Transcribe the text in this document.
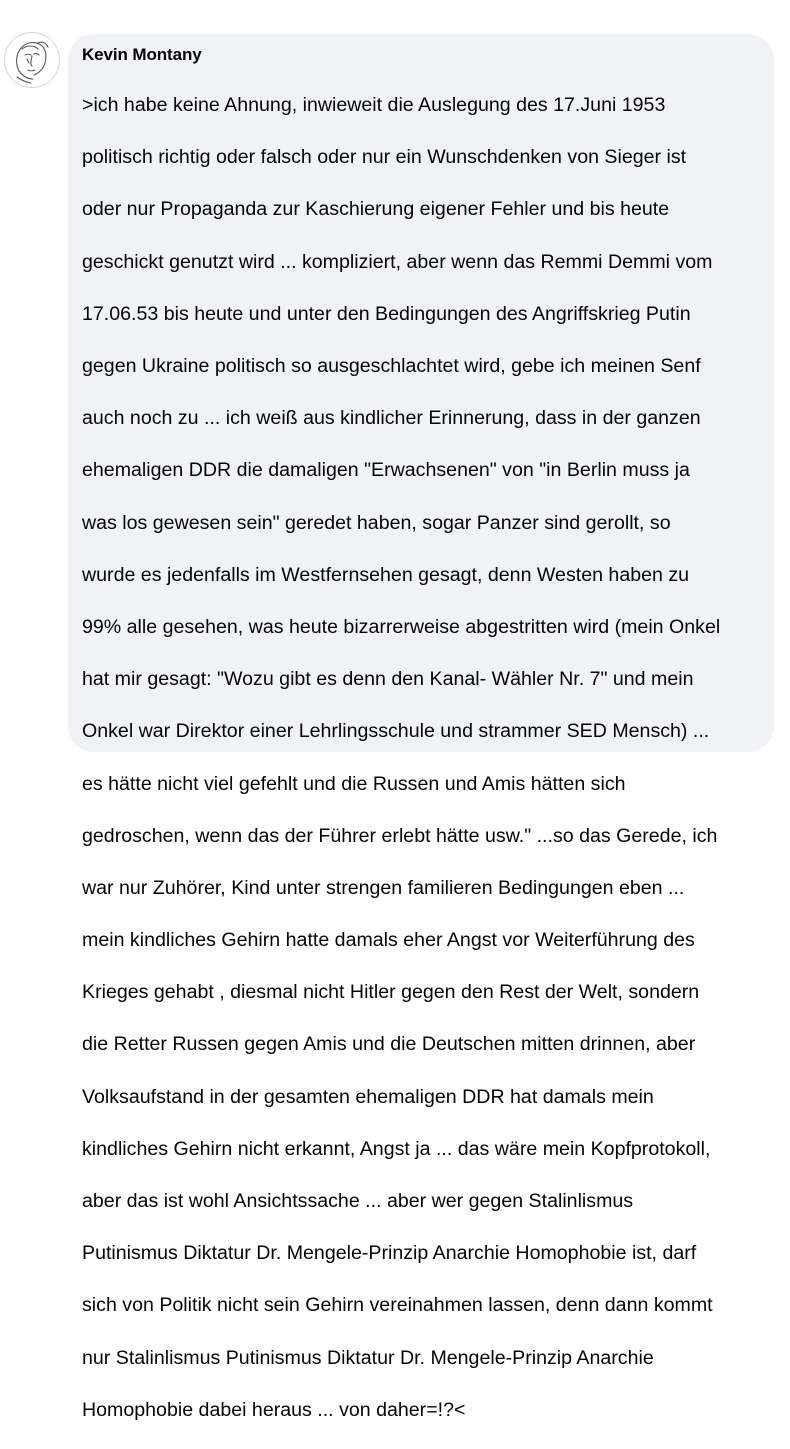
Kevin Montany

>ich habe keine Ahnung, inwieweit die Auslegung des 17.Juni 1953

politisch richtig oder falsch oder nur ein Wunschdenken von Sieger ist

oder nur Propaganda zur Kaschierung eigener Fehler und bis heute

geschickt genutzt wird ... kompliziert, aber wenn das Remmi Demmi vom

17.06.53 bis heute und unter den Bedingungen des Angriffskrieg Putin

gegen Ukraine politisch so ausgeschlachtet wird, gebe ich meinen Senf

auch noch zu ... ich weiß aus kindlicher Erinnerung, dass in der ganzen

ehemaligen DDR die damaligen "Erwachsenen" von "in Berlin muss ja

was los gewesen sein" geredet haben, sogar Panzer sind gerollt, so

wurde es jedenfalls im Westfernsehen gesagt, denn Westen haben zu

99% alle gesehen, was heute bizarrerweise abgestritten wird (mein Onkel

hat mir gesagt: "Wozu gibt es denn den Kanal- Wähler Nr. 7" und mein

Onkel war Direktor einer Lehrlingsschule und strammer SED Mensch) ...

es hätte nicht viel gefehlt und die Russen und Amis hätten sich

gedroschen, wenn das der Führer erlebt hätte usw." ...so das Gerede, ich

war nur Zuhörer, Kind unter strengen familieren Bedingungen eben ...

mein kindliches Gehirn hatte damals eher Angst vor Weiterführung des

Krieges gehabt , diesmal nicht Hitler gegen den Rest der Welt, sondern

die Retter Russen gegen Amis und die Deutschen mitten drinnen, aber

Volksaufstand in der gesamten ehemaligen DDR hat damals mein

kindliches Gehirn nicht erkannt, Angst ja ... das wäre mein Kopfprotokoll,

aber das ist wohl Ansichtssache ... aber wer gegen Stalinlismus

Putinismus Diktatur Dr. Mengele-Prinzip Anarchie Homophobie ist, darf

sich von Politik nicht sein Gehirn vereinahmen lassen, denn dann kommt

nur Stalinlismus Putinismus Diktatur Dr. Mengele-Prinzip Anarchie

Homophobie dabei heraus ... von daher=!?<
